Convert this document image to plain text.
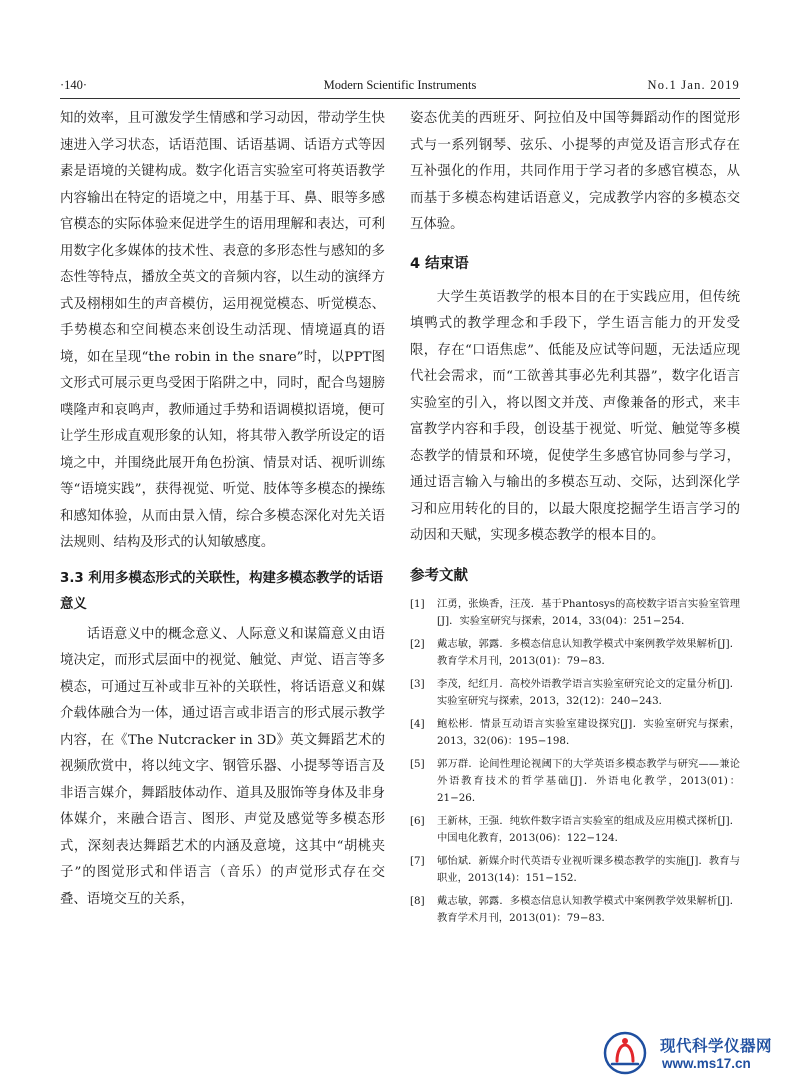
·140·	Modern Scientific Instruments	No.1 Jan. 2019

知的效率，且可激发学生情感和学习动因，带动学生快速进入学习状态，话语范围、话语基调、话语方式等因素是语境的关键构成。数字化语言实验室可将英语教学内容输出在特定的语境之中，用基于耳、鼻、眼等多感官模态的实际体验来促进学生的语用理解和表达，可利用数字化多媒体的技术性、表意的多形态性与感知的多态性等特点，播放全英文的音频内容，以生动的演绎方式及栩栩如生的声音模仿，运用视觉模态、听觉模态、手势模态和空间模态来创设生动活现、情境逼真的语境，如在呈现“the robin in the snare”时，以PPT图文形式可展示更鸟受困于陷阱之中，同时，配合鸟翅膀噗隆声和哀鸣声，教师通过手势和语调模拟语境，便可让学生形成直观形象的认知，将其带入教学所设定的语境之中，并围绕此展开角色扮演、情景对话、视听训练等“语境实践”，获得视觉、听觉、肢体等多模态的操练和感知体验，从而由景入情，综合多模态深化对先关语法规则、结构及形式的认知敏感度。

3.3 利用多模态形式的关联性，构建多模态教学的话语意义

话语意义中的概念意义、人际意义和谋篇意义由语境决定，而形式层面中的视觉、触觉、声觉、语言等多模态，可通过互补或非互补的关联性，将话语意义和媒介载体融合为一体，通过语言或非语言的形式展示教学内容，在《The Nutcracker in 3D》英文舞蹈艺术的视频欣赏中，将以纯文字、钢管乐器、小提琴等语言及非语言媒介，舞蹈肢体动作、道具及服饰等身体及非身体媒介，来融合语言、图形、声觉及感觉等多模态形式，深刻表达舞蹈艺术的内涵及意境，这其中“胡桃夹子”的图觉形式和伴语言（音乐）的声觉形式存在交叠、语境交互的关系，

姿态优美的西班牙、阿拉伯及中国等舞蹈动作的图觉形式与一系列钢琴、弦乐、小提琴的声觉及语言形式存在互补强化的作用，共同作用于学习者的多感官模态，从而基于多模态构建话语意义，完成教学内容的多模态交互体验。

4 结束语

大学生英语教学的根本目的在于实践应用，但传统填鸭式的教学理念和手段下，学生语言能力的开发受限，存在“口语焦虑”、低能及应试等问题，无法适应现代社会需求，而“工欲善其事必先利其器”，数字化语言实验室的引入，将以图文并茂、声像兼备的形式，来丰富教学内容和手段，创设基于视觉、听觉、触觉等多模态教学的情景和环境，促使学生多感官协同参与学习，通过语言输入与输出的多模态互动、交际，达到深化学习和应用转化的目的，以最大限度挖掘学生语言学习的动因和天赋，实现多模态教学的根本目的。

参考文献
[1]	江勇，张焕香，汪茂．基于Phantosys的高校数字语言实验室管理[J]．实验室研究与探索，2014，33(04)：251−254．
[2]	戴志敏，郭露．多模态信息认知教学模式中案例教学效果解析[J]．教育学术月刊，2013(01)：79−83．
[3]	李茂，纪红月．高校外语教学语言实验室研究论文的定量分析[J]．实验室研究与探索，2013，32(12)：240−243．
[4]	鲍松彬．情景互动语言实验室建设探究[J]．实验室研究与探索，2013，32(06)：195−198．
[5]	郭万群．论间性理论视阈下的大学英语多模态教学与研究——兼论外语教育技术的哲学基础[J]．外语电化教学，2013(01)：21−26．
[6]	王新林，王强．纯软件数字语言实验室的组成及应用模式探析[J]．中国电化教育，2013(06)：122−124．
[7]	郇怡斌．新媒介时代英语专业视听课多模态教学的实施[J]．教育与职业，2013(14)：151−152．
[8]	戴志敏，郭露．多模态信息认知教学模式中案例教学效果解析[J]．教育学术月刊，2013(01)：79−83．
现代科学仪器网
www.ms17.cn
